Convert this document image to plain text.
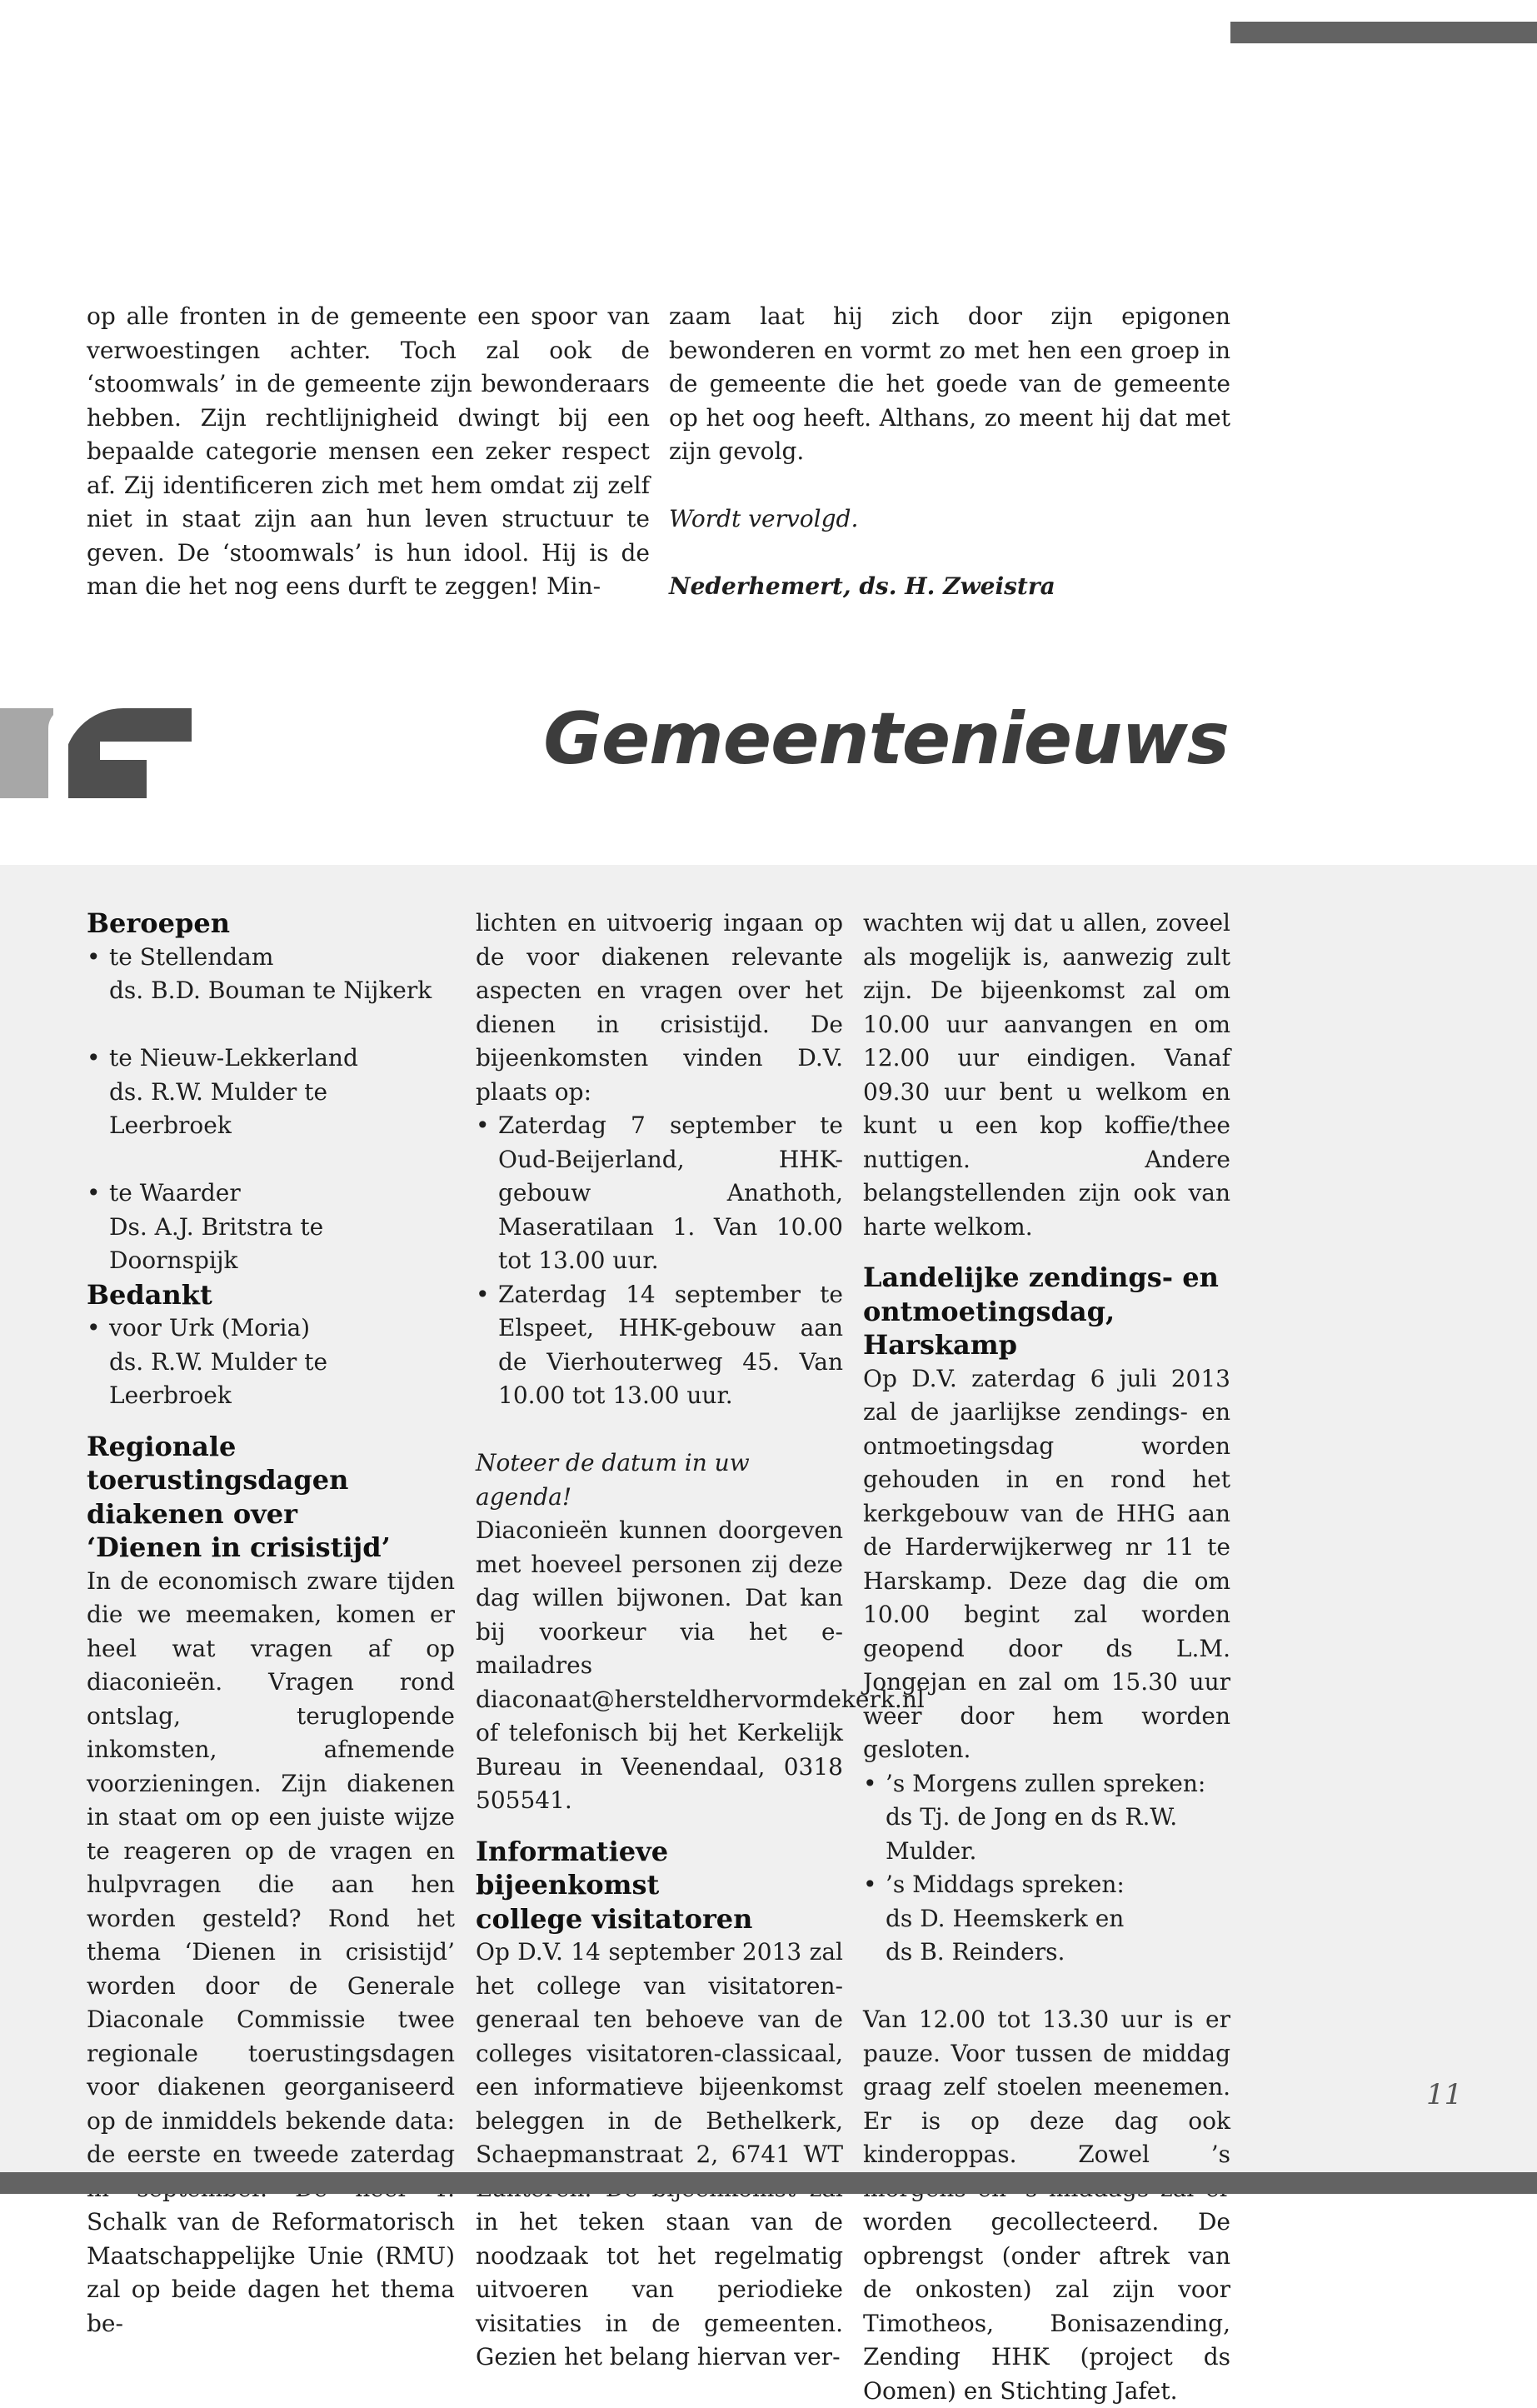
op alle fronten in de gemeente een spoor van verwoestingen achter. Toch zal ook de ‘stoomwals’ in de gemeente zijn bewonderaars hebben. Zijn rechtlijnigheid dwingt bij een bepaalde categorie mensen een zeker respect af. Zij identificeren zich met hem omdat zij zelf niet in staat zijn aan hun leven structuur te geven. De ‘stoomwals’ is hun idool. Hij is de man die het nog eens durft te zeggen! Min-

zaam laat hij zich door zijn epigonen bewonderen en vormt zo met hen een groep in de gemeente die het goede van de gemeente op het oog heeft. Althans, zo meent hij dat met zijn gevolg.

Wordt vervolgd.

Nederhemert, ds. H. Zweistra

Gemeentenieuws

Beroepen

• te Stellendam

ds. B.D. Bouman te Nijkerk

• te Nieuw-Lekkerland

ds. R.W. Mulder te Leerbroek

• te Waarder

Ds. A.J. Britstra te Doornspijk

Bedankt

• voor Urk (Moria)

ds. R.W. Mulder te Leerbroek

Regionale toerustingsdagen

diakenen over

‘Dienen in crisistijd’

In de economisch zware tijden die we meemaken, komen er heel wat vragen af op diaconieën. Vragen rond ontslag, teruglopende inkomsten, afnemende voorzieningen. Zijn diakenen in staat om op een juiste wijze te reageren op de vragen en hulpvragen die aan hen worden gesteld? Rond het thema ‘Dienen in crisistijd’ worden door de Generale Diaconale Commissie twee regionale toerustingsdagen voor diakenen georganiseerd op de inmiddels bekende data: de eerste en tweede zaterdag Schalk van de Reformatorisch Maatschappelijke Unie (RMU) zal op beide dagen het thema be-

lichten en uitvoerig ingaan op de voor diakenen relevante aspecten en vragen over het dienen in crisistijd. De bijeenkomsten vinden D.V. plaats op:

• Zaterdag 7 september te Oud-Beijerland, HHK-gebouw Anathoth, Maseratilaan 1. Van 10.00 tot 13.00 uur.

• Zaterdag 14 september te Elspeet, HHK-gebouw aan de Vierhouterweg 45. Van 10.00 tot 13.00 uur.

Noteer de datum in uw agenda!

Diaconieën kunnen doorgeven met hoeveel personen zij deze dag willen bijwonen. Dat kan bij voorkeur via het e-mailadres diaconaat@hersteldhervormdekerk.nl of telefonisch bij het Kerkelijk Bureau in Veenendaal, 0318 505541.

Informatieve bijeenkomst

college visitatoren

Op D.V. 14 september 2013 zal het college van visitatoren-generaal ten behoeve van de colleges visitatoren-classicaal, een informatieve bijeenkomst beleggen in de Bethelkerk, Schaepmanstraat 2, 6741 WT in het teken staan van de noodzaak tot het regelmatig uitvoeren van periodieke visitaties in de gemeenten. Gezien het belang hiervan ver-

wachten wij dat u allen, zoveel als mogelijk is, aanwezig zult zijn. De bijeenkomst zal om 10.00 uur aanvangen en om 12.00 uur eindigen. Vanaf 09.30 uur bent u welkom en kunt u een kop koffie/thee nuttigen. Andere belangstellenden zijn ook van harte welkom.

Landelijke zendings- en

ontmoetingsdag, Harskamp

Op D.V. zaterdag 6 juli 2013 zal de jaarlijkse zendings- en ontmoetingsdag worden gehouden in en rond het kerkgebouw van de HHG aan de Harderwijkerweg nr 11 te Harskamp. Deze dag die om 10.00 begint zal worden geopend door ds L.M. Jongejan en zal om 15.30 uur weer door hem worden gesloten.

• ’s Morgens zullen spreken:

ds Tj. de Jong en ds R.W. Mulder.

• ’s Middags spreken:

ds D. Heemskerk en

ds B. Reinders.

Van 12.00 tot 13.30 uur is er pauze. Voor tussen de middag graag zelf stoelen meenemen. Er is op deze dag ook kinderoppas. Zowel ’s worden gecollecteerd. De opbrengst (onder aftrek van de onkosten) zal zijn voor Timotheos, Bonisazending, Zending HHK (project ds Oomen) en Stichting Jafet.

11
